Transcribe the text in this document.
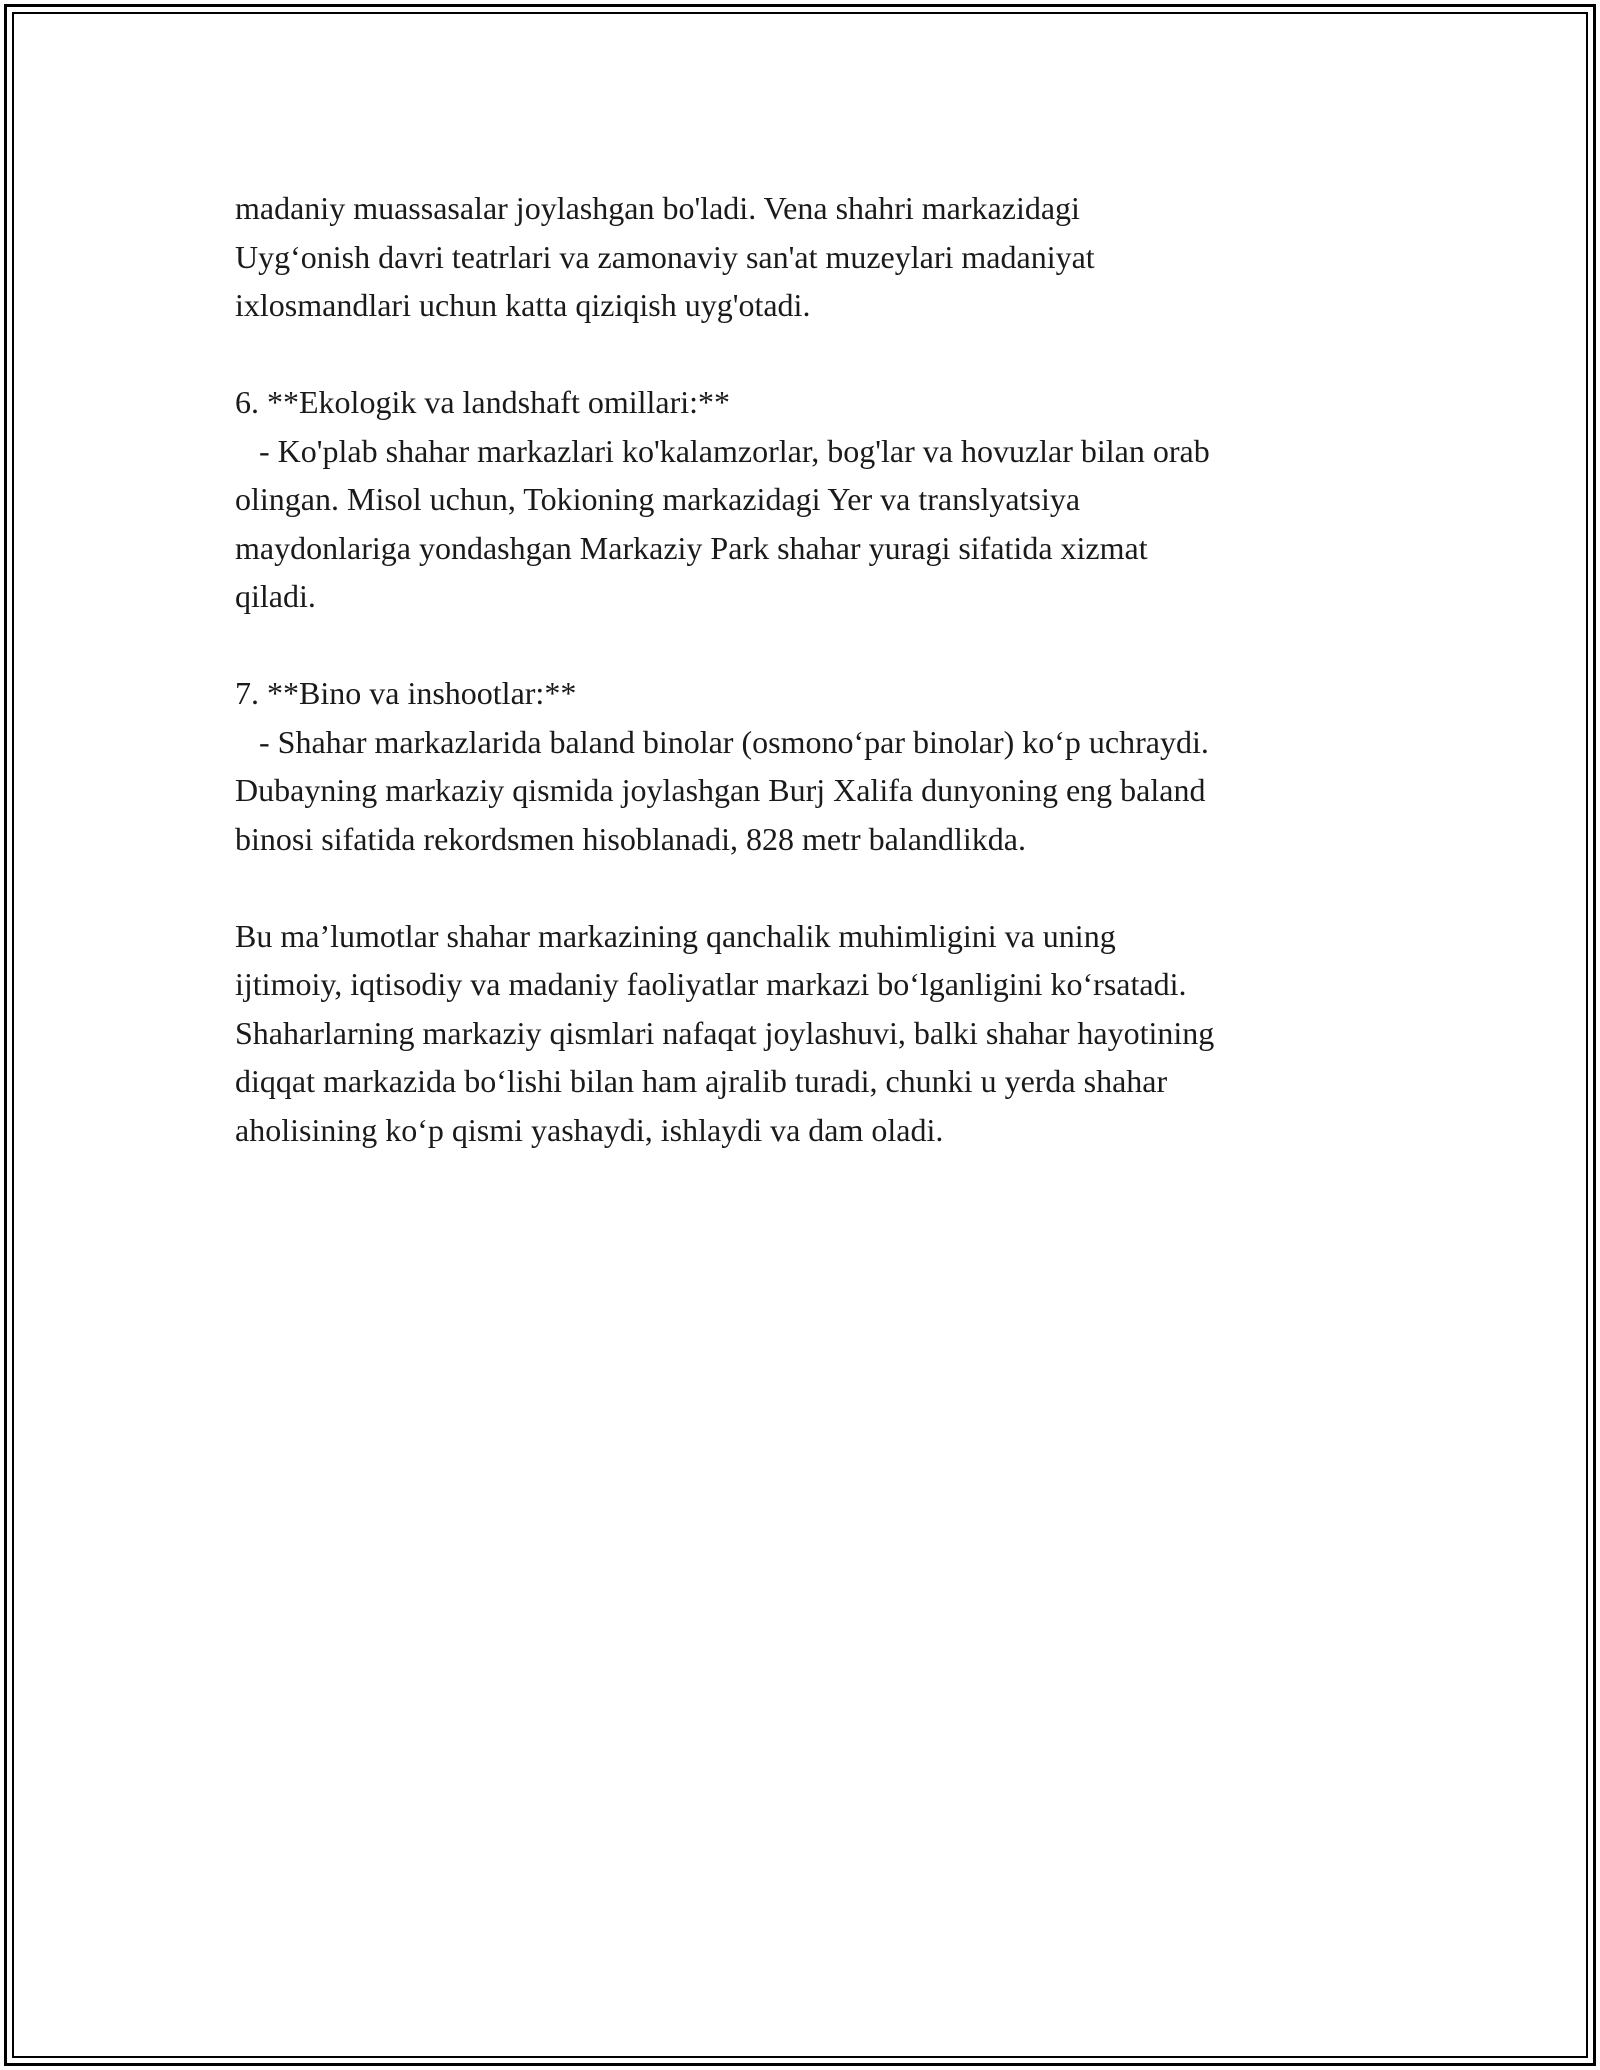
madaniy muassasalar joylashgan bo'ladi. Vena shahri markazidagi
Uyg‘onish davri teatrlari va zamonaviy san'at muzeylari madaniyat
ixlosmandlari uchun katta qiziqish uyg'otadi.
6. **Ekologik va landshaft omillari:**
- Ko'plab shahar markazlari ko'kalamzorlar, bog'lar va hovuzlar bilan orab
olingan. Misol uchun, Tokioning markazidagi Yer va translyatsiya
maydonlariga yondashgan Markaziy Park shahar yuragi sifatida xizmat
qiladi.
7. **Bino va inshootlar:**
- Shahar markazlarida baland binolar (osmono‘par binolar) ko‘p uchraydi.
Dubayning markaziy qismida joylashgan Burj Xalifa dunyoning eng baland
binosi sifatida rekordsmen hisoblanadi, 828 metr balandlikda.
Bu ma’lumotlar shahar markazining qanchalik muhimligini va uning
ijtimoiy, iqtisodiy va madaniy faoliyatlar markazi bo‘lganligini ko‘rsatadi.
Shaharlarning markaziy qismlari nafaqat joylashuvi, balki shahar hayotining
diqqat markazida bo‘lishi bilan ham ajralib turadi, chunki u yerda shahar
aholisining ko‘p qismi yashaydi, ishlaydi va dam oladi.
